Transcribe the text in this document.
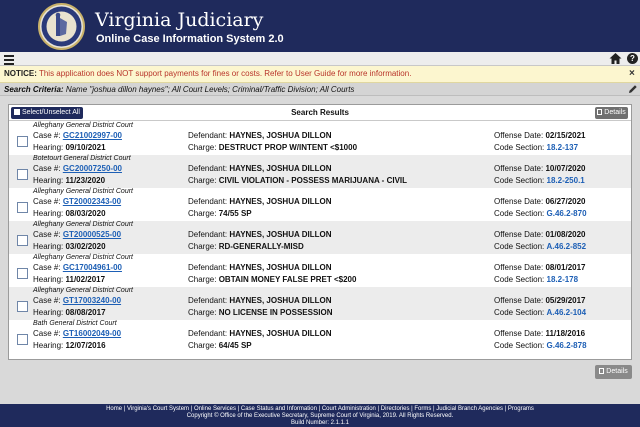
Virginia Judiciary
Online Case Information System 2.0
?
NOTICE: This application does NOT support payments for fines or costs. Refer to User Guide for more information.	×
Search Criteria: Name "joshua dillon haynes"; All Court Levels; Criminal/Traffic Division; All Courts
Search Results
Select/Unselect All	Details
Alleghany General District Court
Case #: GC21002997-00
Hearing: 09/10/2021
Defendant: HAYNES, JOSHUA DILLON
Charge: DESTRUCT PROP W/INTENT <$1000
Offense Date: 02/15/2021
Code Section: 18.2-137
Botetourt General District Court
Case #: GC20007250-00
Hearing: 11/23/2020
Defendant: HAYNES, JOSHUA DILLON
Charge: CIVIL VIOLATION - POSSESS MARIJUANA - CIVIL
Offense Date: 10/07/2020
Code Section: 18.2-250.1
Alleghany General District Court
Case #: GT20002343-00
Hearing: 08/03/2020
Defendant: HAYNES, JOSHUA DILLON
Charge: 74/55 SP
Offense Date: 06/27/2020
Code Section: G.46.2-870
Alleghany General District Court
Case #: GT20000525-00
Hearing: 03/02/2020
Defendant: HAYNES, JOSHUA DILLON
Charge: RD-GENERALLY-MISD
Offense Date: 01/08/2020
Code Section: A.46.2-852
Alleghany General District Court
Case #: GC17004961-00
Hearing: 11/02/2017
Defendant: HAYNES, JOSHUA DILLON
Charge: OBTAIN MONEY FALSE PRET <$200
Offense Date: 08/01/2017
Code Section: 18.2-178
Alleghany General District Court
Case #: GT17003240-00
Hearing: 08/08/2017
Defendant: HAYNES, JOSHUA DILLON
Charge: NO LICENSE IN POSSESSION
Offense Date: 05/29/2017
Code Section: A.46.2-104
Bath General District Court
Case #: GT16002049-00
Hearing: 12/07/2016
Defendant: HAYNES, JOSHUA DILLON
Charge: 64/45 SP
Offense Date: 11/18/2016
Code Section: G.46.2-878
Details
Home | Virginia's Court System | Online Services | Case Status and Information | Court Administration | Directories | Forms | Judicial Branch Agencies | Programs
Copyright © Office of the Executive Secretary, Supreme Court of Virginia, 2019. All Rights Reserved.
Build Number: 2.1.1.1
